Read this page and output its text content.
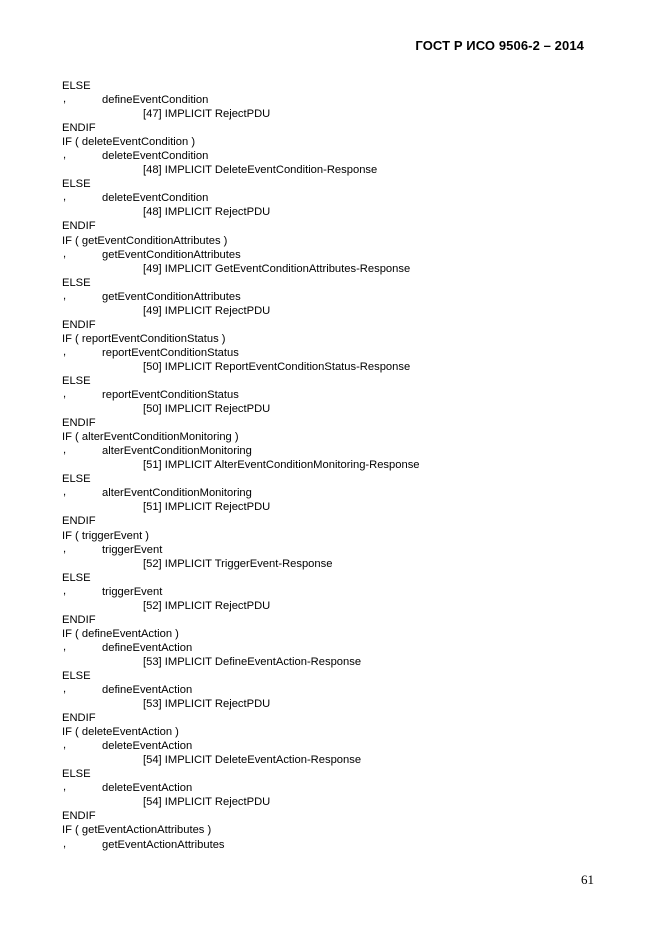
ГОСТ Р ИСО 9506-2 – 2014
ELSE
,	defineEventCondition
[47] IMPLICIT RejectPDU
ENDIF
IF ( deleteEventCondition )
,	deleteEventCondition
[48] IMPLICIT DeleteEventCondition-Response
ELSE
,	deleteEventCondition
[48] IMPLICIT RejectPDU
ENDIF
IF ( getEventConditionAttributes )
,	getEventConditionAttributes
[49] IMPLICIT GetEventConditionAttributes-Response
ELSE
,	getEventConditionAttributes
[49] IMPLICIT RejectPDU
ENDIF
IF ( reportEventConditionStatus )
,	reportEventConditionStatus
[50] IMPLICIT ReportEventConditionStatus-Response
ELSE
,	reportEventConditionStatus
[50] IMPLICIT RejectPDU
ENDIF
IF ( alterEventConditionMonitoring )
,	alterEventConditionMonitoring
[51] IMPLICIT AlterEventConditionMonitoring-Response
ELSE
,	alterEventConditionMonitoring
[51] IMPLICIT RejectPDU
ENDIF
IF ( triggerEvent )
,	triggerEvent
[52] IMPLICIT TriggerEvent-Response
ELSE
,	triggerEvent
[52] IMPLICIT RejectPDU
ENDIF
IF ( defineEventAction )
,	defineEventAction
[53] IMPLICIT DefineEventAction-Response
ELSE
,	defineEventAction
[53] IMPLICIT RejectPDU
ENDIF
IF ( deleteEventAction )
,	deleteEventAction
[54] IMPLICIT DeleteEventAction-Response
ELSE
,	deleteEventAction
[54] IMPLICIT RejectPDU
ENDIF
IF ( getEventActionAttributes )
,	getEventActionAttributes
61
